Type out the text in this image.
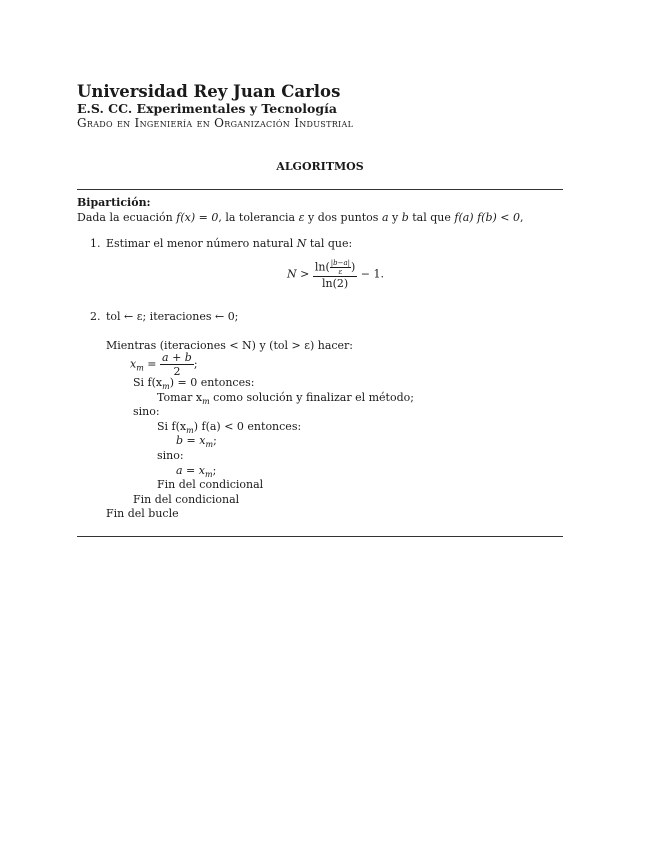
Universidad Rey Juan Carlos
E.S. CC. Experimentales y Tecnología
Grado en Ingeniería en Organización Industrial
ALGORITMOS
Bipartición:
Dada la ecuación f(x) = 0, la tolerancia ε y dos puntos a y b tal que f(a) f(b) < 0,
1. Estimar el menor número natural N tal que:
$N > \frac{\ln( \frac{|b-a|}{\varepsilon} )}{\ln(2)} - 1$.
2. tol ← ε; iteraciones ← 0;
Mientras (iteraciones < N) y (tol > ε) hacer:
$x_m = \frac{a + b}{2}$ ;
Si $f(x_m) = 0$ entonces:
Tomar $x_m$ como solución y finalizar el método;
sino:
Si $f(x_m) f(a) < 0$ entonces:
$b = x_m$;
sino:
$a = x_m$;
Fin del condicional
Fin del condicional
Fin del bucle
